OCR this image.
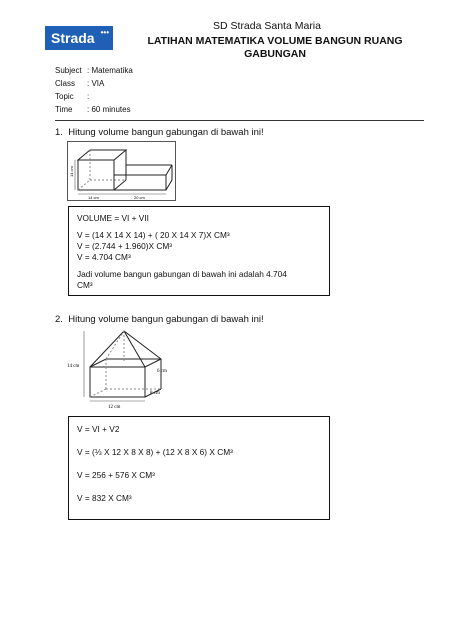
Strada •••
SD Strada Santa Maria
LATIHAN MATEMATIKA VOLUME BANGUN RUANG
GABUNGAN
Subject : Matematika
Class	: VIA
Topic	:
Time	: 60 minutes
1. Hitung volume bangun gabungan di bawah ini!
14 cm
14 cm	20 cm

VOLUME = VI + VII

V = (14 X 14 X 14) + ( 20 X 14 X 7)X CM³

V = (2.744 + 1.960)X CM³

V = 4.704 CM³

Jadi volume bangun gabungan di bawah ini adalah 4.704

CM³

2. Hitung volume bangun gabungan di bawah ini!
14 cm
6 cm
8 cm
12 cm

V = VI + V2

V = (⅓ X 12 X 8 X 8) + (12 X 8 X 6) X CM³

V = 256 + 576 X CM³

V = 832 X CM³
